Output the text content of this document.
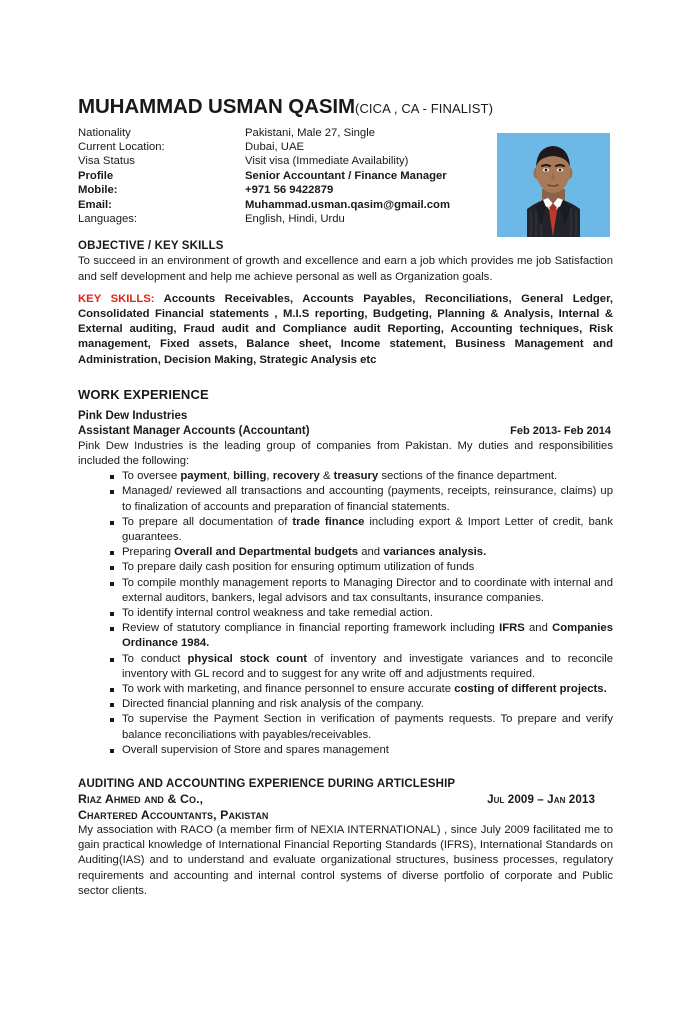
MUHAMMAD USMAN QASIM(CICA , CA - FINALIST)
Nationality	Pakistani, Male 27, Single
Current Location:	Dubai, UAE
Visa Status	Visit visa (Immediate Availability)
Profile	Senior Accountant / Finance Manager
Mobile:	+971 56 9422879
Email:	Muhammad.usman.qasim@gmail.com
Languages:	English, Hindi, Urdu
OBJECTIVE / KEY SKILLS

To succeed in an environment of growth and excellence and earn a job which provides me job Satisfaction and self development and help me achieve personal as well as Organization goals.

KEY SKILLS: Accounts Receivables, Accounts Payables, Reconciliations, General Ledger, Consolidated Financial statements , M.I.S reporting, Budgeting, Planning & Analysis, Internal & External auditing, Fraud audit and Compliance audit Reporting, Accounting techniques, Risk management, Fixed assets, Balance sheet, Income statement, Business Management and Administration, Decision Making, Strategic Analysis etc

WORK EXPERIENCE
Pink Dew Industries
Assistant Manager Accounts (Accountant)	Feb 2013- Feb 2014

Pink Dew Industries is the leading group of companies from Pakistan. My duties and responsibilities included the following:

To oversee payment, billing, recovery & treasury sections of the finance department.
Managed/ reviewed all transactions and accounting (payments, receipts, reinsurance, claims) up to finalization of accounts and preparation of financial statements.
To prepare all documentation of trade finance including export & Import Letter of credit, bank guarantees.
Preparing Overall and Departmental budgets and variances analysis.
To prepare daily cash position for ensuring optimum utilization of funds
To compile monthly management reports to Managing Director and to coordinate with internal and external auditors, bankers, legal advisors and tax consultants, insurance companies.
To identify internal control weakness and take remedial action.
Review of statutory compliance in financial reporting framework including IFRS and Companies Ordinance 1984.
To conduct physical stock count of inventory and investigate variances and to reconcile inventory with GL record and to suggest for any write off and adjustments required.
To work with marketing, and finance personnel to ensure accurate costing of different projects.
Directed financial planning and risk analysis of the company.
To supervise the Payment Section in verification of payments requests. To prepare and verify balance reconciliations with payables/receivables.
Overall supervision of Store and spares management
AUDITING AND ACCOUNTING EXPERIENCE DURING ARTICLESHIP
Riaz Ahmed and & Co.,	Jul 2009 – Jan 2013
Chartered Accountants, Pakistan

My association with RACO (a member firm of NEXIA INTERNATIONAL) , since July 2009 facilitated me to gain practical knowledge of International Financial Reporting Standards (IFRS), International Standards on Auditing(IAS) and to understand and evaluate organizational structures, business processes, regulatory requirements and accounting and internal control systems of diverse portfolio of corporate and Public sector clients.
